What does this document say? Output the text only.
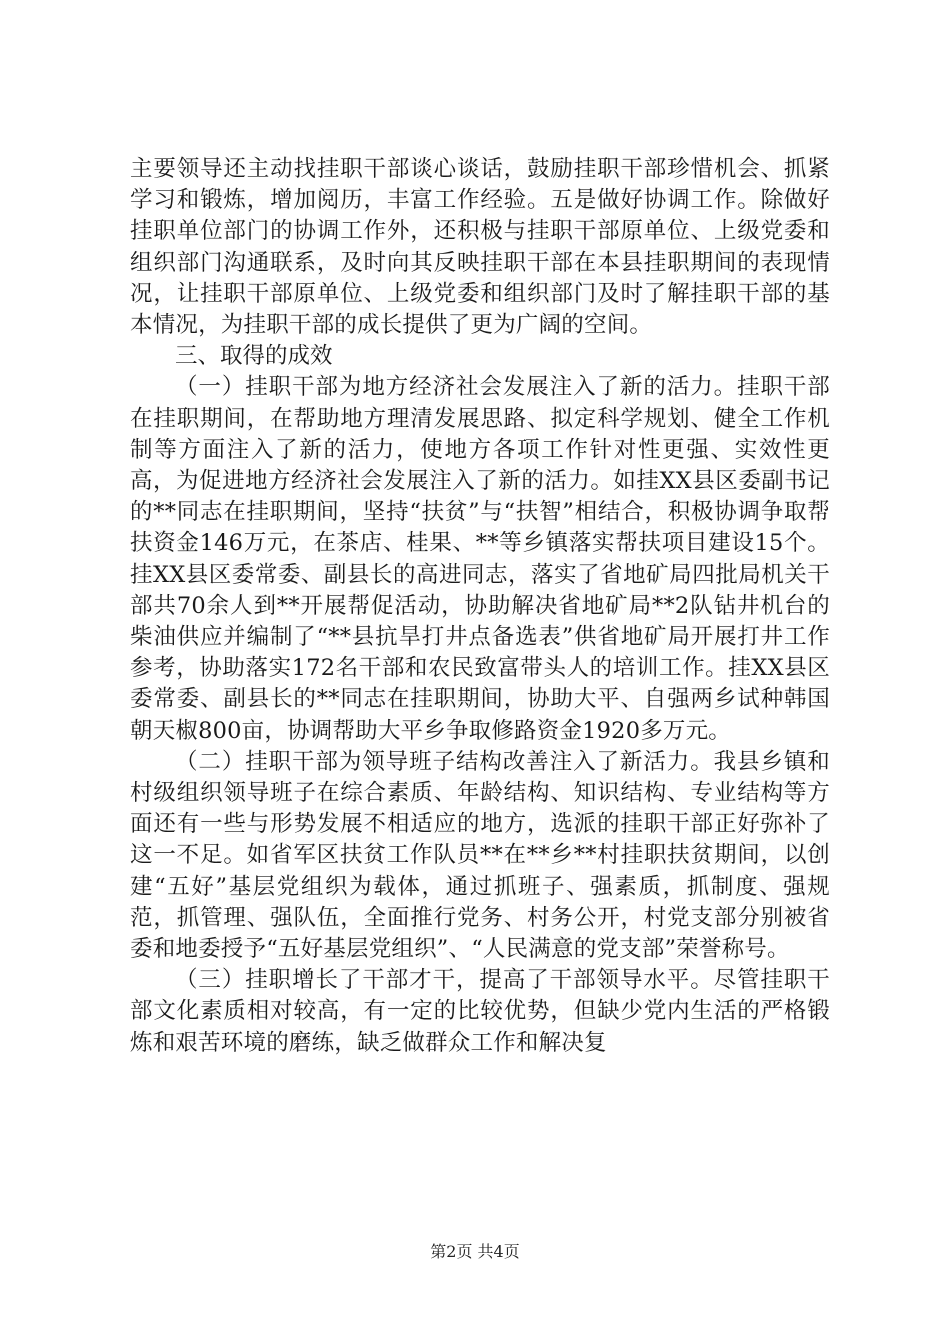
主要领导还主动找挂职干部谈心谈话，鼓励挂职干部珍惜机会、抓紧学习和锻炼，增加阅历，丰富工作经验。五是做好协调工作。除做好挂职单位部门的协调工作外，还积极与挂职干部原单位、上级党委和组织部门沟通联系，及时向其反映挂职干部在本县挂职期间的表现情况，让挂职干部原单位、上级党委和组织部门及时了解挂职干部的基本情况，为挂职干部的成长提供了更为广阔的空间。

三、取得的成效

（一）挂职干部为地方经济社会发展注入了新的活力。挂职干部在挂职期间，在帮助地方理清发展思路、拟定科学规划、健全工作机制等方面注入了新的活力，使地方各项工作针对性更强、实效性更高，为促进地方经济社会发展注入了新的活力。如挂XX县区委副书记的**同志在挂职期间，坚持“扶贫”与“扶智”相结合，积极协调争取帮扶资金146万元，在茶店、桂果、**等乡镇落实帮扶项目建设15个。挂XX县区委常委、副县长的高进同志，落实了省地矿局四批局机关干部共70余人到**开展帮促活动，协助解决省地矿局**2队钻井机台的柴油供应并编制了“**县抗旱打井点备选表”供省地矿局开展打井工作参考，协助落实172名干部和农民致富带头人的培训工作。挂XX县区委常委、副县长的**同志在挂职期间，协助大平、自强两乡试种韩国朝天椒800亩，协调帮助大平乡争取修路资金1920多万元。

（二）挂职干部为领导班子结构改善注入了新活力。我县乡镇和村级组织领导班子在综合素质、年龄结构、知识结构、专业结构等方面还有一些与形势发展不相适应的地方，选派的挂职干部正好弥补了这一不足。如省军区扶贫工作队员**在**乡**村挂职扶贫期间，以创建“五好”基层党组织为载体，通过抓班子、强素质，抓制度、强规范，抓管理、强队伍，全面推行党务、村务公开，村党支部分别被省委和地委授予“五好基层党组织”、“人民满意的党支部”荣誉称号。

（三）挂职增长了干部才干，提高了干部领导水平。尽管挂职干部文化素质相对较高，有一定的比较优势，但缺少党内生活的严格锻炼和艰苦环境的磨练，缺乏做群众工作和解决复

第2页 共4页
